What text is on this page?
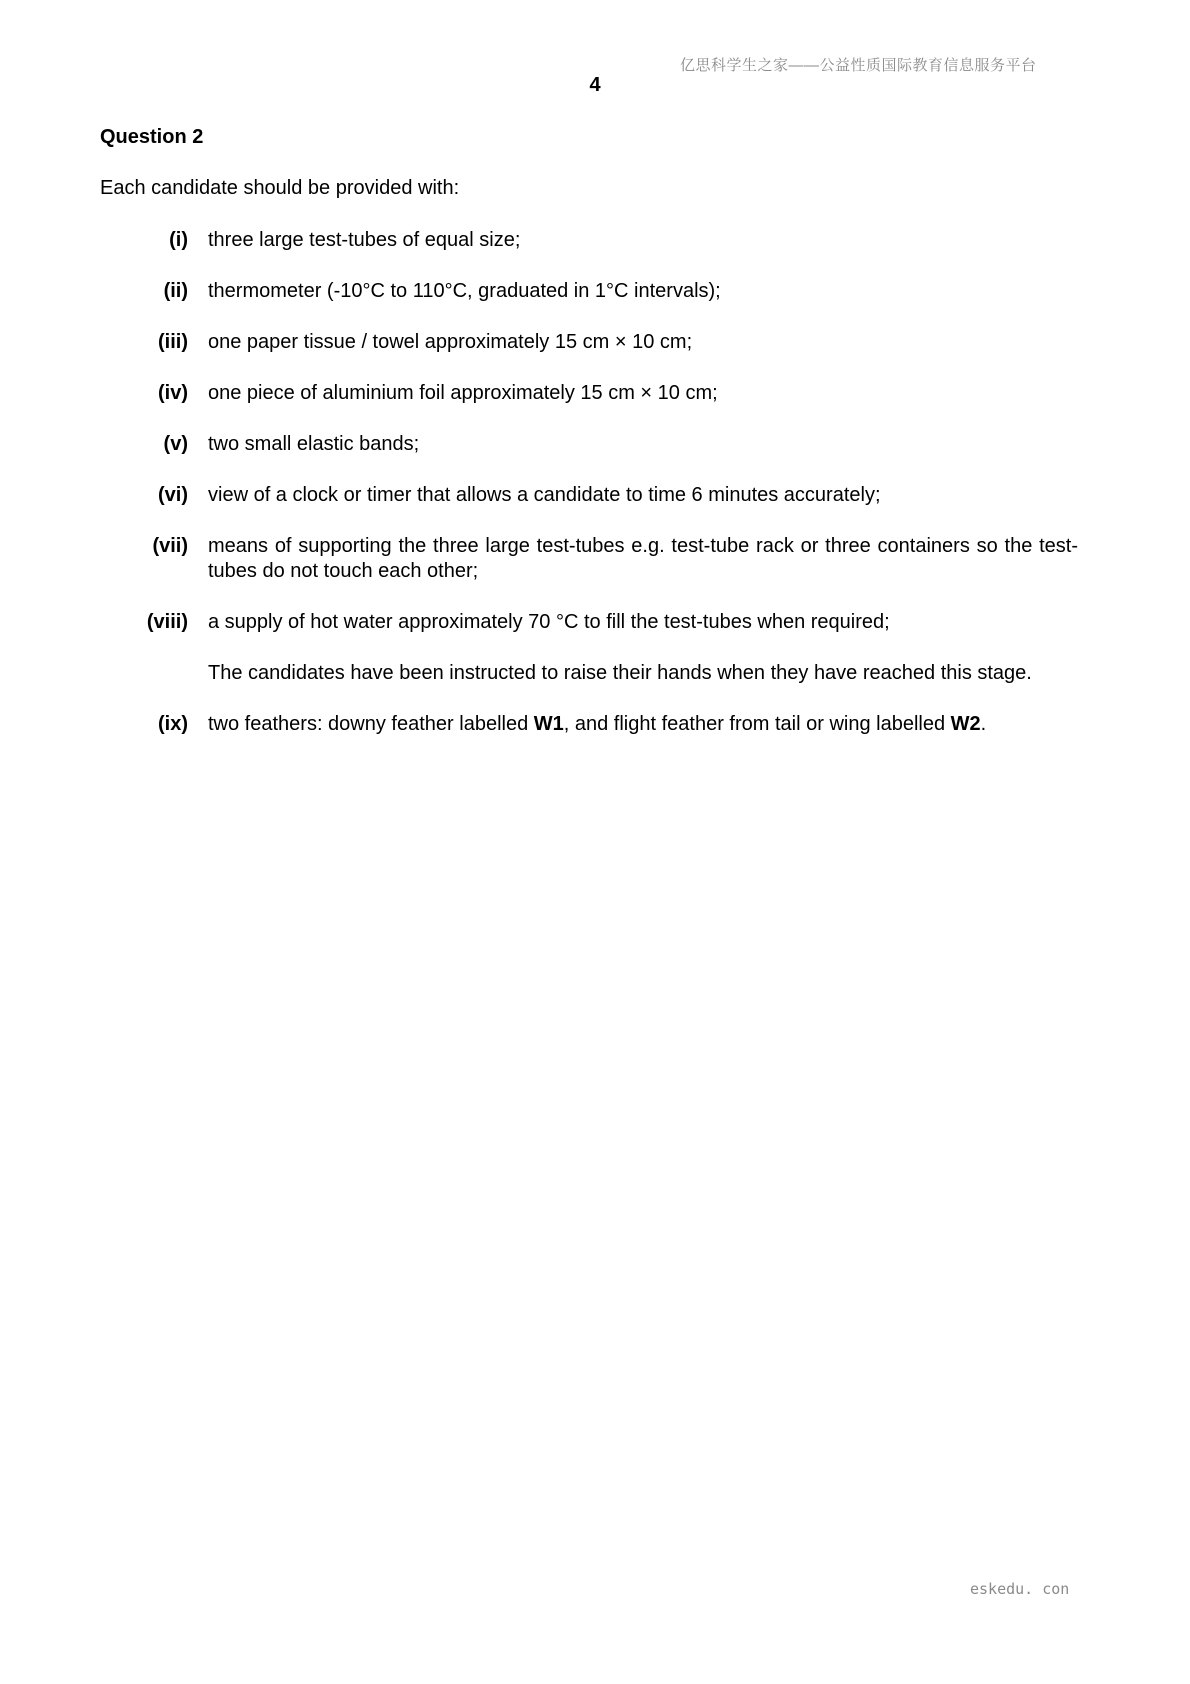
亿思科学生之家——公益性质国际教育信息服务平台
4
Question 2
Each candidate should be provided with:
(i)	three large test-tubes of equal size;

(ii)	thermometer (-10°C to 110°C, graduated in 1°C intervals);

(iii)	one paper tissue / towel approximately 15 cm × 10 cm;

(iv)	one piece of aluminium foil approximately 15 cm × 10 cm;

(v)	two small elastic bands;

(vi)	view of a clock or timer that allows a candidate to time 6 minutes accurately;

(vii)	means of supporting the three large test-tubes e.g. test-tube rack or three containers so the test-tubes do not touch each other;

(viii)	a supply of hot water approximately 70 °C to fill the test-tubes when required;

The candidates have been instructed to raise their hands when they have reached this stage.

(ix)	two feathers: downy feather labelled W1, and flight feather from tail or wing labelled W2.

eskedu. con
